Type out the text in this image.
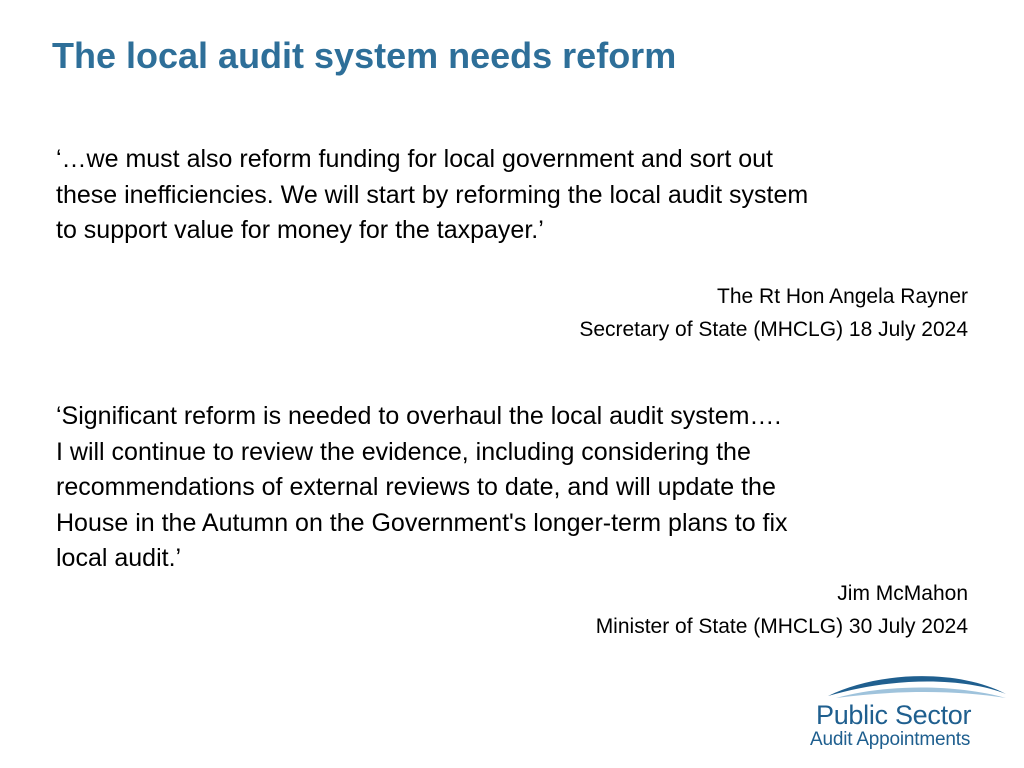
The local audit system needs reform
‘…we must also reform funding for local government and sort out
these inefficiencies. We will start by reforming the local audit system
to support value for money for the taxpayer.’
The Rt Hon Angela Rayner
Secretary of State (MHCLG) 18 July 2024
‘Significant reform is needed to overhaul the local audit system….
I will continue to review the evidence, including considering the
recommendations of external reviews to date, and will update the
House in the Autumn on the Government's longer-term plans to fix
local audit.’
Jim McMahon
Minister of State (MHCLG) 30 July 2024
Public Sector
Audit Appointments
